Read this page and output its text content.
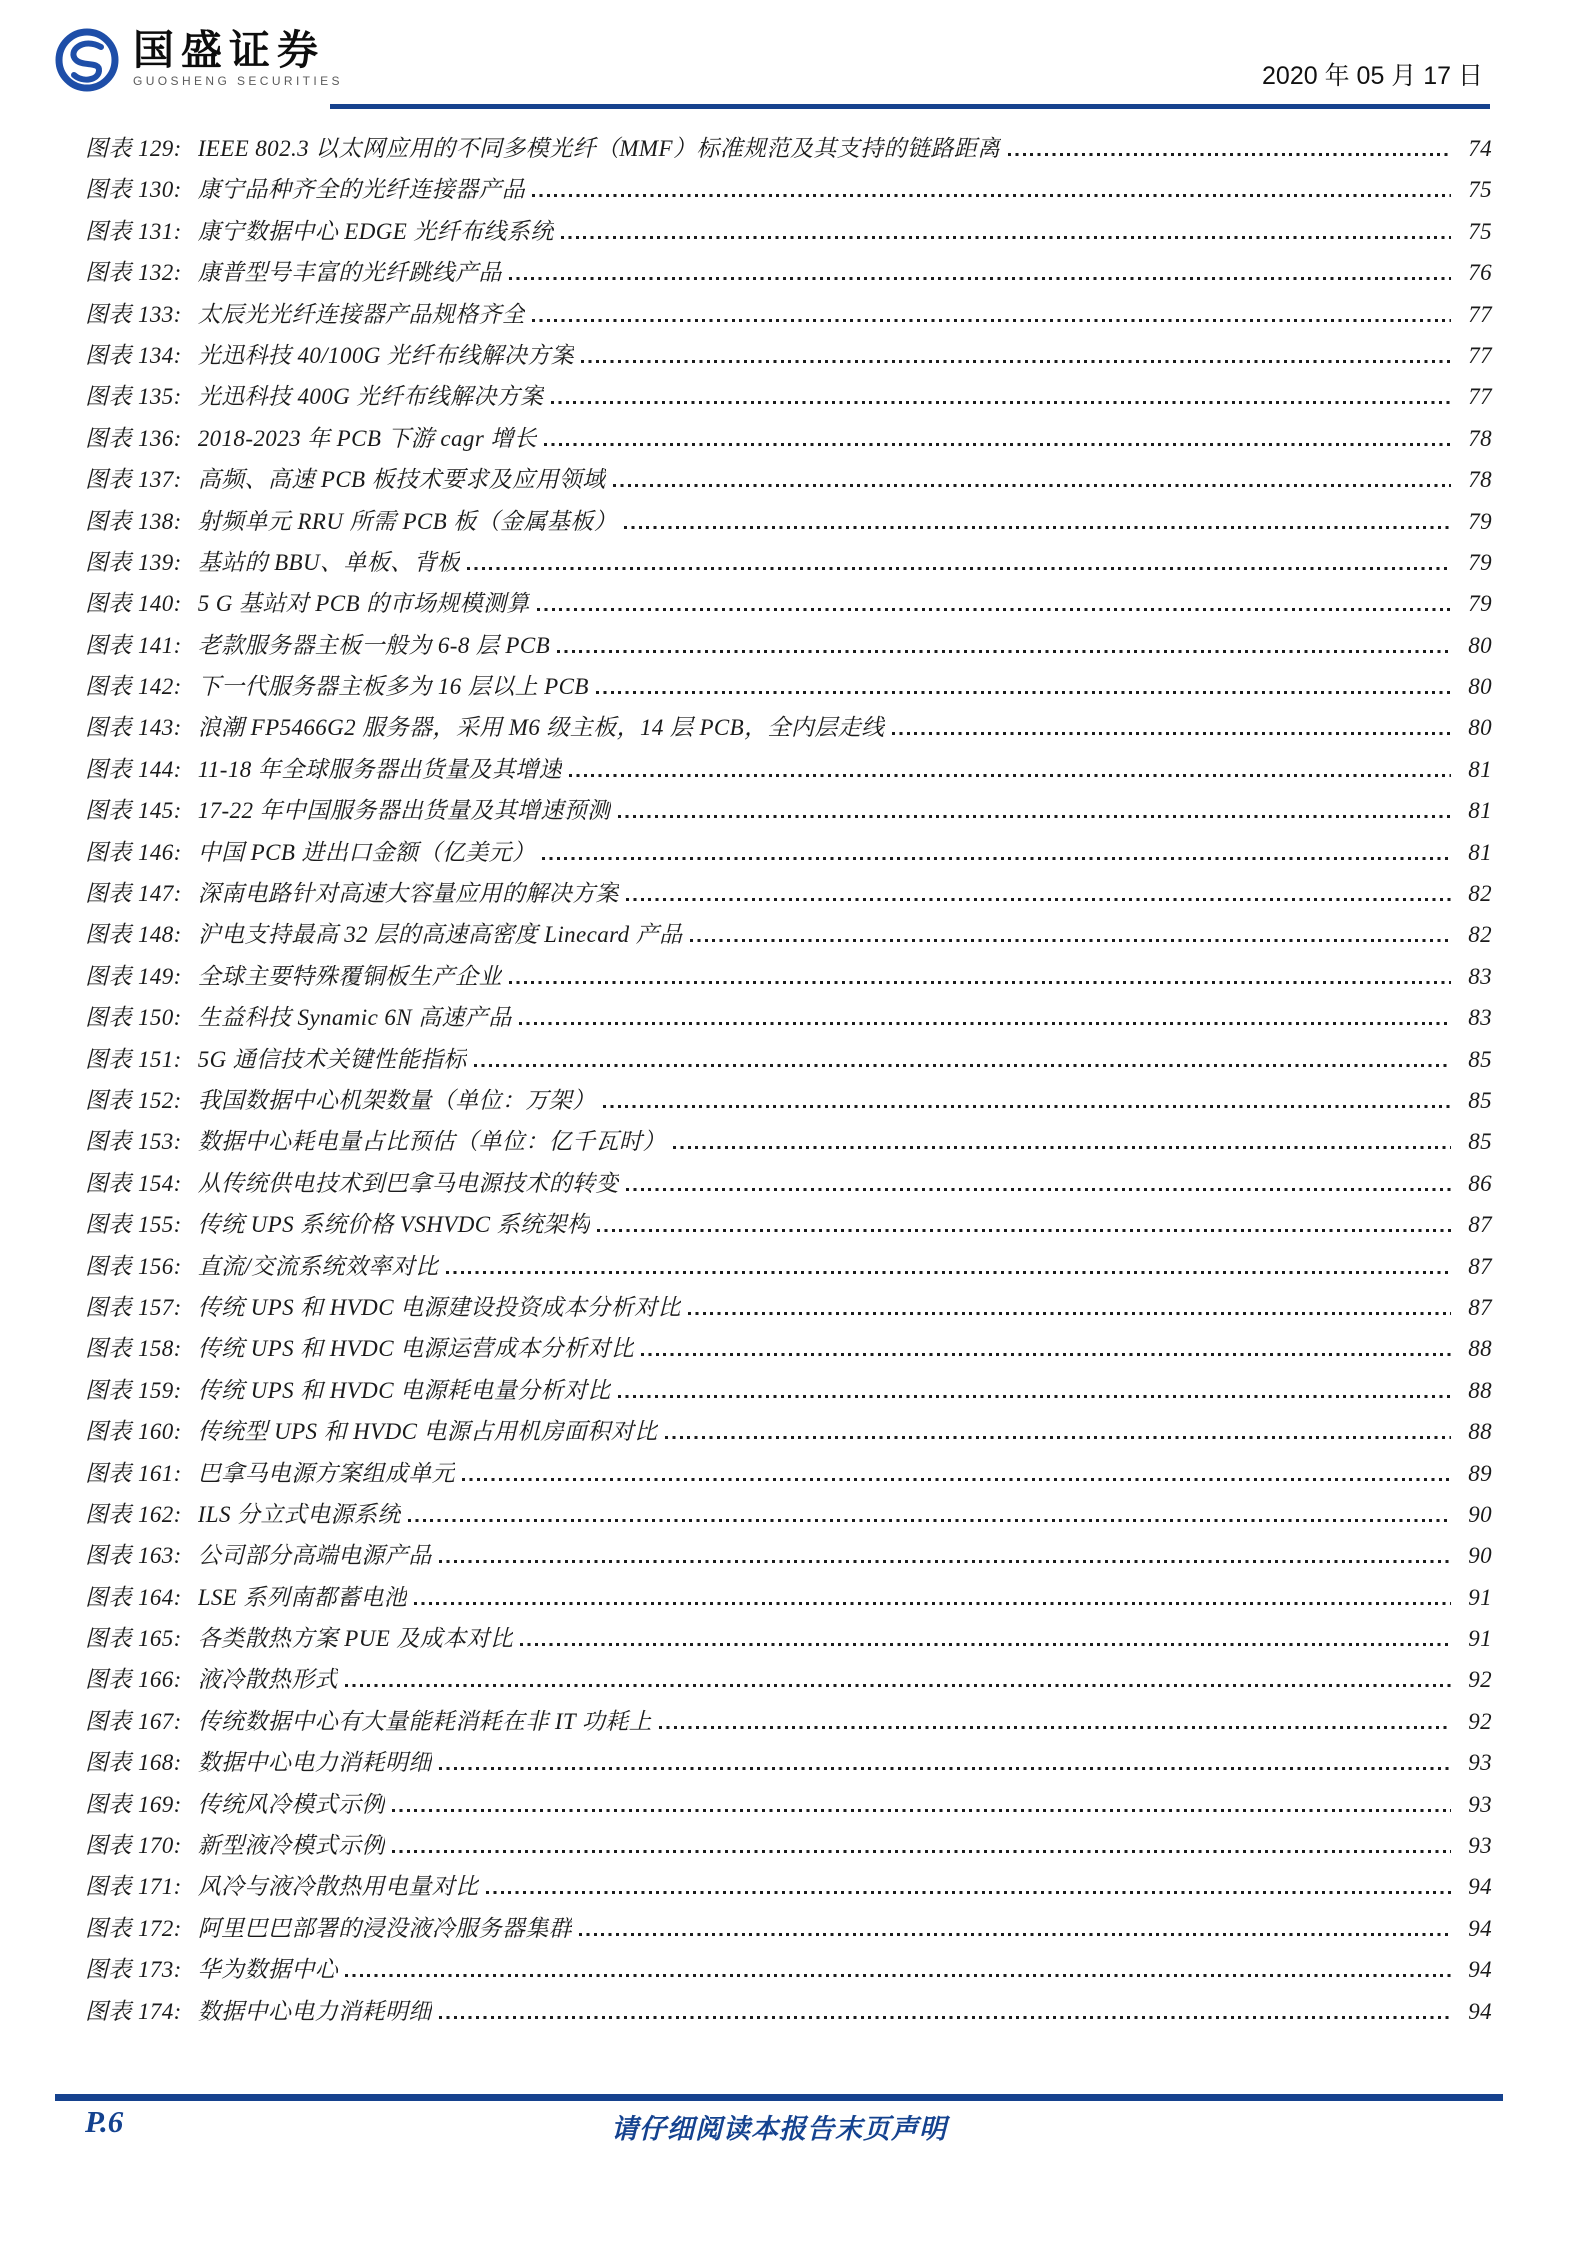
国盛证券
GUOSHENG SECURITIES	2020 年 05 月 17 日
图表 129: IEEE 802.3 以太网应用的不同多模光纤（MMF）标准规范及其支持的链路距离	74
图表 130: 康宁品种齐全的光纤连接器产品	75
图表 131: 康宁数据中心 EDGE 光纤布线系统	75
图表 132: 康普型号丰富的光纤跳线产品	76
图表 133: 太辰光光纤连接器产品规格齐全	77
图表 134: 光迅科技 40/100G 光纤布线解决方案	77
图表 135: 光迅科技 400G 光纤布线解决方案	77
图表 136: 2018-2023 年 PCB 下游 cagr 增长	78
图表 137: 高频、高速 PCB 板技术要求及应用领域	78
图表 138: 射频单元 RRU 所需 PCB 板（金属基板）	79
图表 139: 基站的 BBU、单板、背板	79
图表 140: 5 G 基站对 PCB 的市场规模测算	79
图表 141: 老款服务器主板一般为 6-8 层 PCB	80
图表 142: 下一代服务器主板多为 16 层以上 PCB	80
图表 143: 浪潮 FP5466G2 服务器，采用 M6 级主板，14 层 PCB，全内层走线	80
图表 144: 11-18 年全球服务器出货量及其增速	81
图表 145: 17-22 年中国服务器出货量及其增速预测	81
图表 146: 中国 PCB 进出口金额（亿美元）	81
图表 147: 深南电路针对高速大容量应用的解决方案	82
图表 148: 沪电支持最高 32 层的高速高密度 Linecard 产品	82
图表 149: 全球主要特殊覆铜板生产企业	83
图表 150: 生益科技 Synamic 6N 高速产品	83
图表 151: 5G 通信技术关键性能指标	85
图表 152: 我国数据中心机架数量（单位：万架）	85
图表 153: 数据中心耗电量占比预估（单位：亿千瓦时）	85
图表 154: 从传统供电技术到巴拿马电源技术的转变	86
图表 155: 传统 UPS 系统价格 VSHVDC 系统架构	87
图表 156: 直流/交流系统效率对比	87
图表 157: 传统 UPS 和 HVDC 电源建设投资成本分析对比	87
图表 158: 传统 UPS 和 HVDC 电源运营成本分析对比	88
图表 159: 传统 UPS 和 HVDC 电源耗电量分析对比	88
图表 160: 传统型 UPS 和 HVDC 电源占用机房面积对比	88
图表 161: 巴拿马电源方案组成单元	89
图表 162: ILS 分立式电源系统	90
图表 163: 公司部分高端电源产品	90
图表 164: LSE 系列南都蓄电池	91
图表 165: 各类散热方案 PUE 及成本对比	91
图表 166: 液冷散热形式	92
图表 167: 传统数据中心有大量能耗消耗在非 IT 功耗上	92
图表 168: 数据中心电力消耗明细	93
图表 169: 传统风冷模式示例	93
图表 170: 新型液冷模式示例	93
图表 171: 风冷与液冷散热用电量对比	94
图表 172: 阿里巴巴部署的浸没液冷服务器集群	94
图表 173: 华为数据中心	94
图表 174: 数据中心电力消耗明细	94
P.6	请仔细阅读本报告末页声明
